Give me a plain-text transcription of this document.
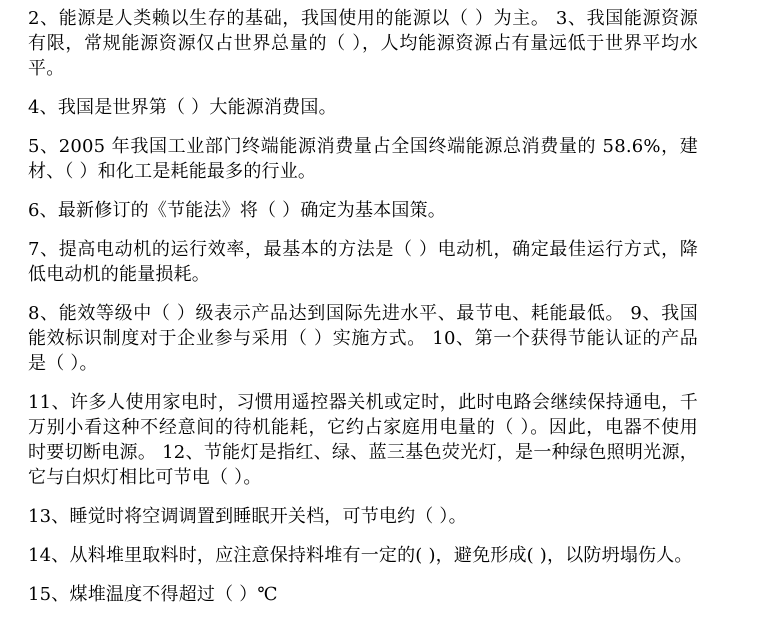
2、能源是人类赖以生存的基础，我国使用的能源以（ ）为主。 3、我国能源资源有限，常规能源资源仅占世界总量的（ ），人均能源资源占有量远低于世界平均水平。

4、我国是世界第（ ）大能源消费国。

5、2005 年我国工业部门终端能源消费量占全国终端能源总消费量的 58.6%，建材、（ ）和化工是耗能最多的行业。

6、最新修订的《节能法》将（ ）确定为基本国策。

7、提高电动机的运行效率，最基本的方法是（ ）电动机，确定最佳运行方式，降低电动机的能量损耗。

8、能效等级中（ ）级表示产品达到国际先进水平、最节电、耗能最低。 9、我国能效标识制度对于企业参与采用（ ）实施方式。 10、第一个获得节能认证的产品是（ ）。

11、许多人使用家电时，习惯用遥控器关机或定时，此时电路会继续保持通电，千万别小看这种不经意间的待机能耗，它约占家庭用电量的（ ）。因此，电器不使用时要切断电源。 12、节能灯是指红、绿、蓝三基色荧光灯，是一种绿色照明光源，它与白炽灯相比可节电（ ）。

13、睡觉时将空调调置到睡眠开关档，可节电约（ ）。

14、从料堆里取料时，应注意保持料堆有一定的( )，避免形成( )，以防坍塌伤人。

15、煤堆温度不得超过（ ）℃
